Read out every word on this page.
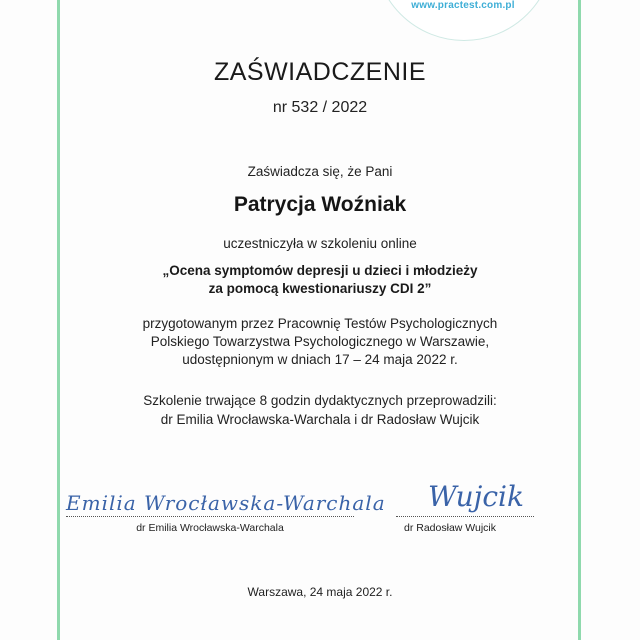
www.practest.com.pl
ZAŚWIADCZENIE
nr 532 / 2022
Zaświadcza się, że Pani
Patrycja Woźniak
uczestniczyła w szkoleniu online
„Ocena symptomów depresji u dzieci i młodzieży
za pomocą kwestionariuszy CDI 2”
przygotowanym przez Pracownię Testów Psychologicznych
Polskiego Towarzystwa Psychologicznego w Warszawie,
udostępnionym w dniach 17 – 24 maja 2022 r.
Szkolenie trwające 8 godzin dydaktycznych przeprowadzili:
dr Emilia Wrocławska-Warchala i dr Radosław Wujcik
Emilia Wrocławska-Warchala
dr Emilia Wrocławska-Warchala
Wujcik
dr Radosław Wujcik
Warszawa, 24 maja 2022 r.
